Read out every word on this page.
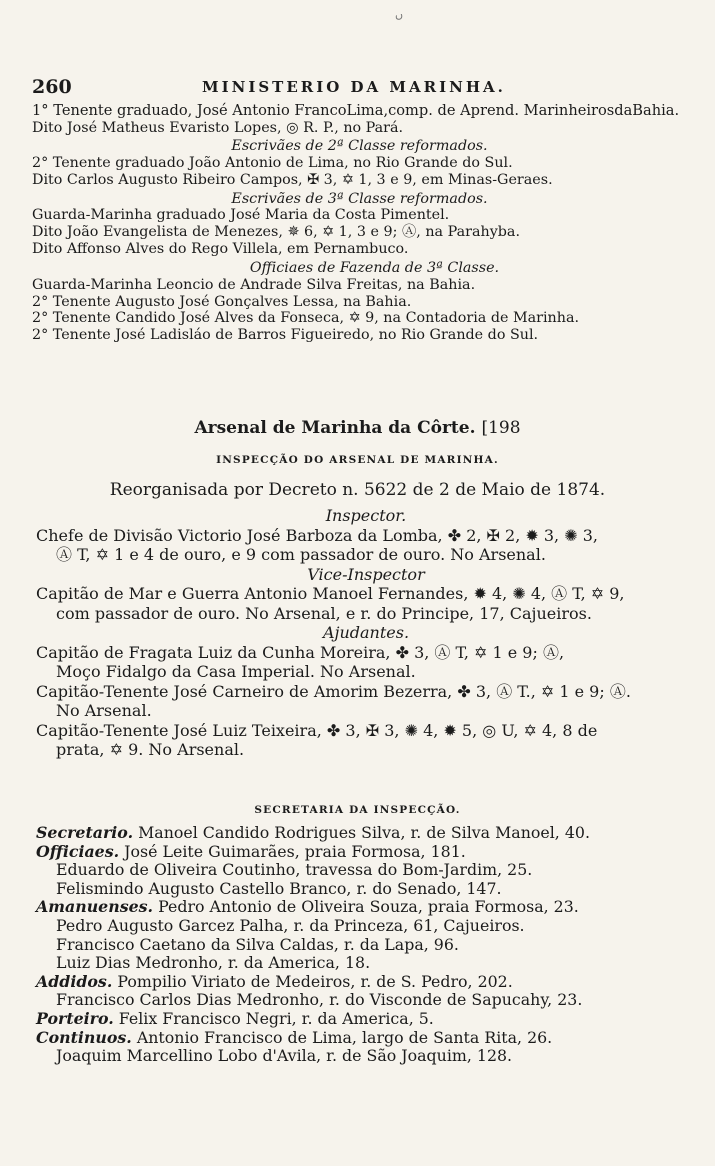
ں
260	MINISTERIO DA MARINHA.
1° Tenente graduado, José Antonio FrancoLima,comp. de Aprend. MarinheirosdaBahia.
Dito José Matheus Evaristo Lopes, ◎ R. P., no Pará.
Escrivães de 2ª Classe reformados.
2° Tenente graduado João Antonio de Lima, no Rio Grande do Sul.
Dito Carlos Augusto Ribeiro Campos, ✠ 3, ✡ 1, 3 e 9, em Minas-Geraes.
Escrivães de 3ª Classe reformados.
Guarda-Marinha graduado José Maria da Costa Pimentel.
Dito João Evangelista de Menezes, ✵ 6, ✡ 1, 3 e 9; Ⓐ, na Parahyba.
Dito Affonso Alves do Rego Villela, em Pernambuco.
Officiaes de Fazenda de 3ª Classe.
Guarda-Marinha Leoncio de Andrade Silva Freitas, na Bahia.
2° Tenente Augusto José Gonçalves Lessa, na Bahia.
2° Tenente Candido José Alves da Fonseca, ✡ 9, na Contadoria de Marinha.
2° Tenente José Ladisláo de Barros Figueiredo, no Rio Grande do Sul.
Arsenal de Marinha da Côrte. [198
INSPECÇÃO DO ARSENAL DE MARINHA.
Reorganisada por Decreto n. 5622 de 2 de Maio de 1874.
Inspector.
Chefe de Divisão Victorio José Barboza da Lomba, ✤ 2, ✠ 2, ✹ 3, ✺ 3,
Ⓐ T, ✡ 1 e 4 de ouro, e 9 com passador de ouro. No Arsenal.
Vice-Inspector
Capitão de Mar e Guerra Antonio Manoel Fernandes, ✹ 4, ✺ 4, Ⓐ T, ✡ 9,
com passador de ouro. No Arsenal, e r. do Principe, 17, Cajueiros.
Ajudantes.
Capitão de Fragata Luiz da Cunha Moreira, ✤ 3, Ⓐ T, ✡ 1 e 9; Ⓐ,
Moço Fidalgo da Casa Imperial. No Arsenal.
Capitão-Tenente José Carneiro de Amorim Bezerra, ✤ 3, Ⓐ T., ✡ 1 e 9; Ⓐ.
No Arsenal.
Capitão-Tenente José Luiz Teixeira, ✤ 3, ✠ 3, ✺ 4, ✹ 5, ◎ U, ✡ 4, 8 de
prata, ✡ 9. No Arsenal.
SECRETARIA DA INSPECÇÃO.
Secretario. Manoel Candido Rodrigues Silva, r. de Silva Manoel, 40.
Officiaes. José Leite Guimarães, praia Formosa, 181.
Eduardo de Oliveira Coutinho, travessa do Bom-Jardim, 25.
Felismindo Augusto Castello Branco, r. do Senado, 147.
Amanuenses. Pedro Antonio de Oliveira Souza, praia Formosa, 23.
Pedro Augusto Garcez Palha, r. da Princeza, 61, Cajueiros.
Francisco Caetano da Silva Caldas, r. da Lapa, 96.
Luiz Dias Medronho, r. da America, 18.
Addidos. Pompilio Viriato de Medeiros, r. de S. Pedro, 202.
Francisco Carlos Dias Medronho, r. do Visconde de Sapucahy, 23.
Porteiro. Felix Francisco Negri, r. da America, 5.
Continuos. Antonio Francisco de Lima, largo de Santa Rita, 26.
Joaquim Marcellino Lobo d'Avila, r. de São Joaquim, 128.
